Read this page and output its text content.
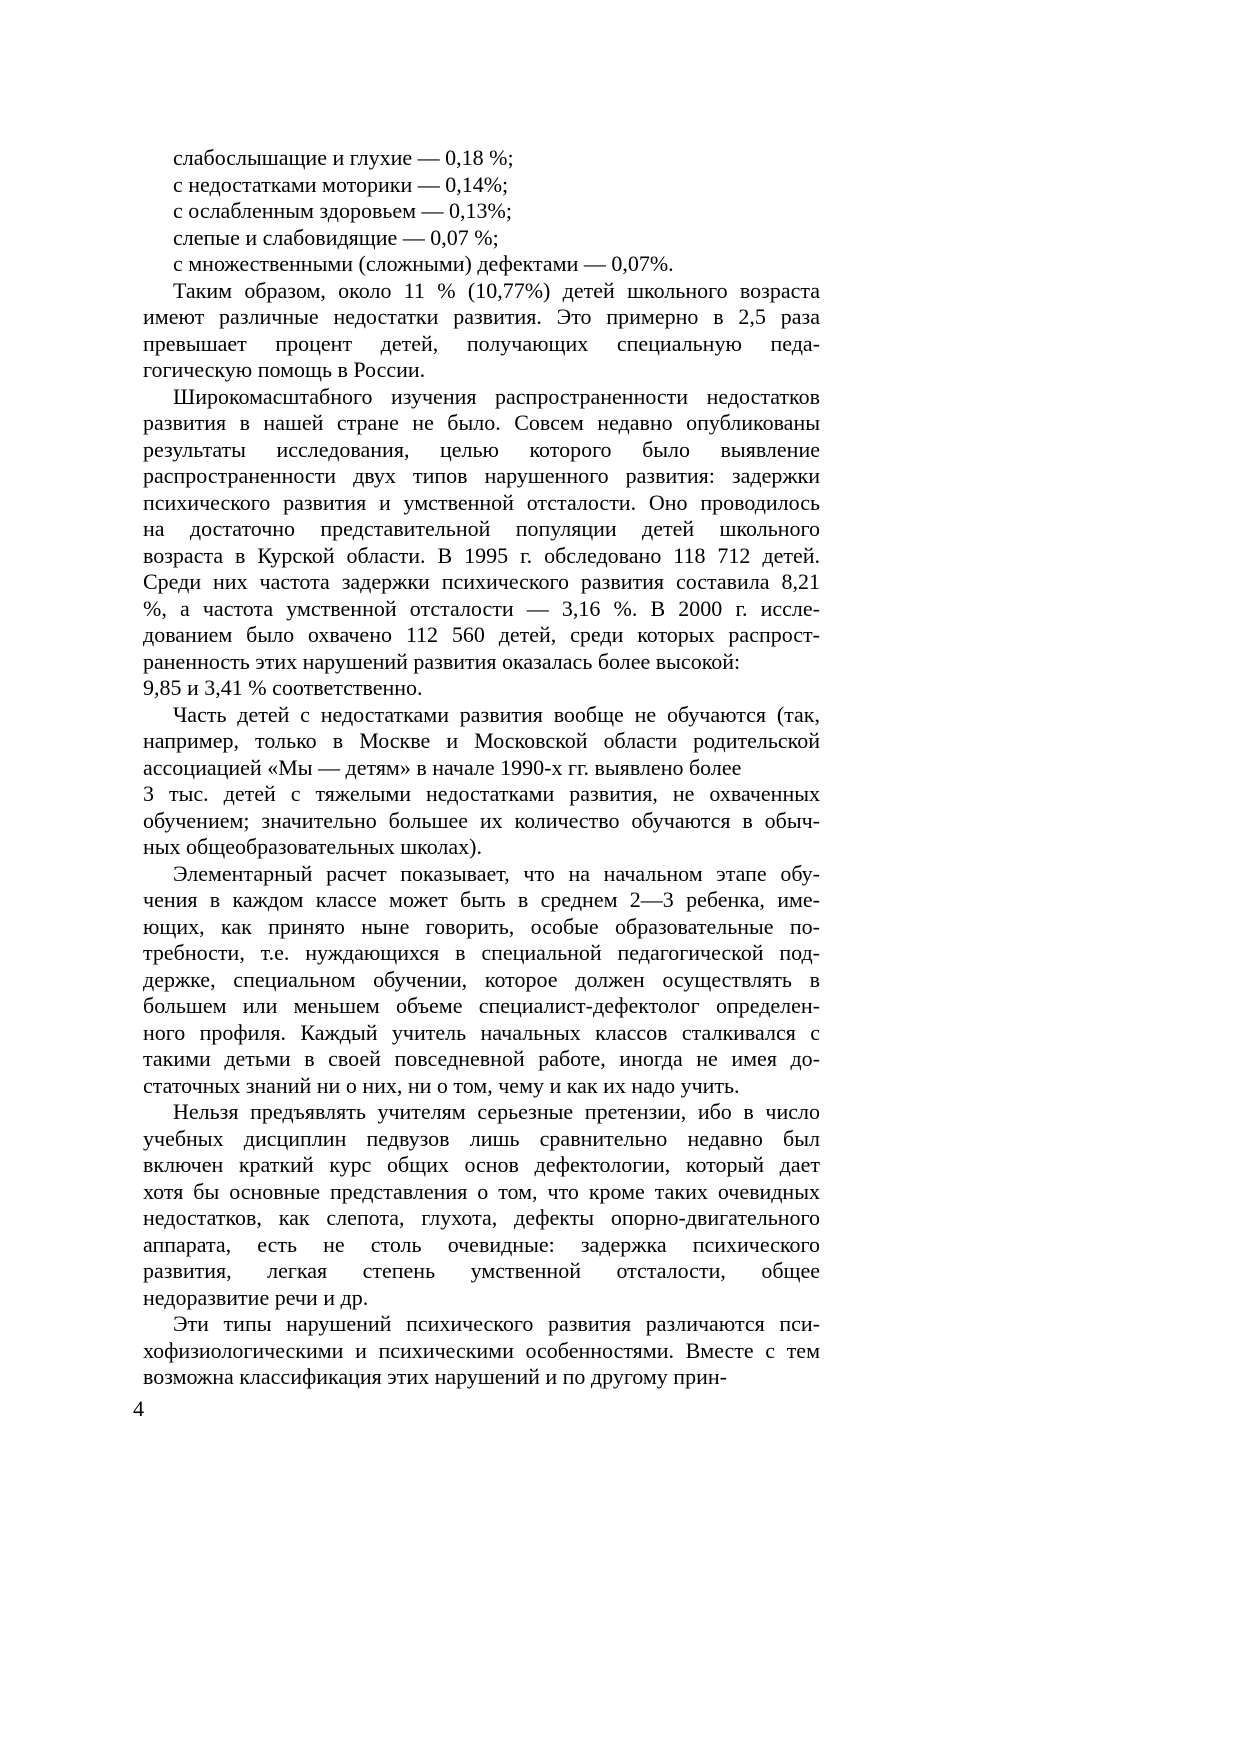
слабослышащие и глухие — 0,18 %;
с недостатками моторики — 0,14%;
с ослабленным здоровьем — 0,13%;
слепые и слабовидящие — 0,07 %;
с множественными (сложными) дефектами — 0,07%.
Таким образом, около 11 % (10,77%) детей школьного возраста
имеют различные недостатки развития. Это примерно в 2,5 раза
превышает процент детей, получающих специальную педа-
гогическую помощь в России.
Широкомасштабного изучения распространенности недостатков
развития в нашей стране не было. Совсем недавно опубликованы
результаты исследования, целью которого было выявление
распространенности двух типов нарушенного развития: задержки
психического развития и умственной отсталости. Оно проводилось
на достаточно представительной популяции детей школьного
возраста в Курской области. В 1995 г. обследовано 118 712 детей.
Среди них частота задержки психического развития составила 8,21
%, а частота умственной отсталости — 3,16 %. В 2000 г. иссле-
дованием было охвачено 112 560 детей, среди которых распрост-
раненность этих нарушений развития оказалась более высокой:
9,85 и 3,41 % соответственно.
Часть детей с недостатками развития вообще не обучаются (так,
например, только в Москве и Московской области родительской
ассоциацией «Мы — детям» в начале 1990-х гг. выявлено более
3 тыс. детей с тяжелыми недостатками развития, не охваченных
обучением; значительно большее их количество обучаются в обыч-
ных общеобразовательных школах).
Элементарный расчет показывает, что на начальном этапе обу-
чения в каждом классе может быть в среднем 2—3 ребенка, име-
ющих, как принято ныне говорить, особые образовательные по-
требности, т.е. нуждающихся в специальной педагогической под-
держке, специальном обучении, которое должен осуществлять в
большем или меньшем объеме специалист-дефектолог определен-
ного профиля. Каждый учитель начальных классов сталкивался с
такими детьми в своей повседневной работе, иногда не имея до-
статочных знаний ни о них, ни о том, чему и как их надо учить.
Нельзя предъявлять учителям серьезные претензии, ибо в число
учебных дисциплин педвузов лишь сравнительно недавно был
включен краткий курс общих основ дефектологии, который дает
хотя бы основные представления о том, что кроме таких очевидных
недостатков, как слепота, глухота, дефекты опорно-двигательного
аппарата, есть не столь очевидные: задержка психического
развития, легкая степень умственной отсталости, общее
недоразвитие речи и др.
Эти типы нарушений психического развития различаются пси-
хофизиологическими и психическими особенностями. Вместе с тем
возможна классификация этих нарушений и по другому прин-
4
